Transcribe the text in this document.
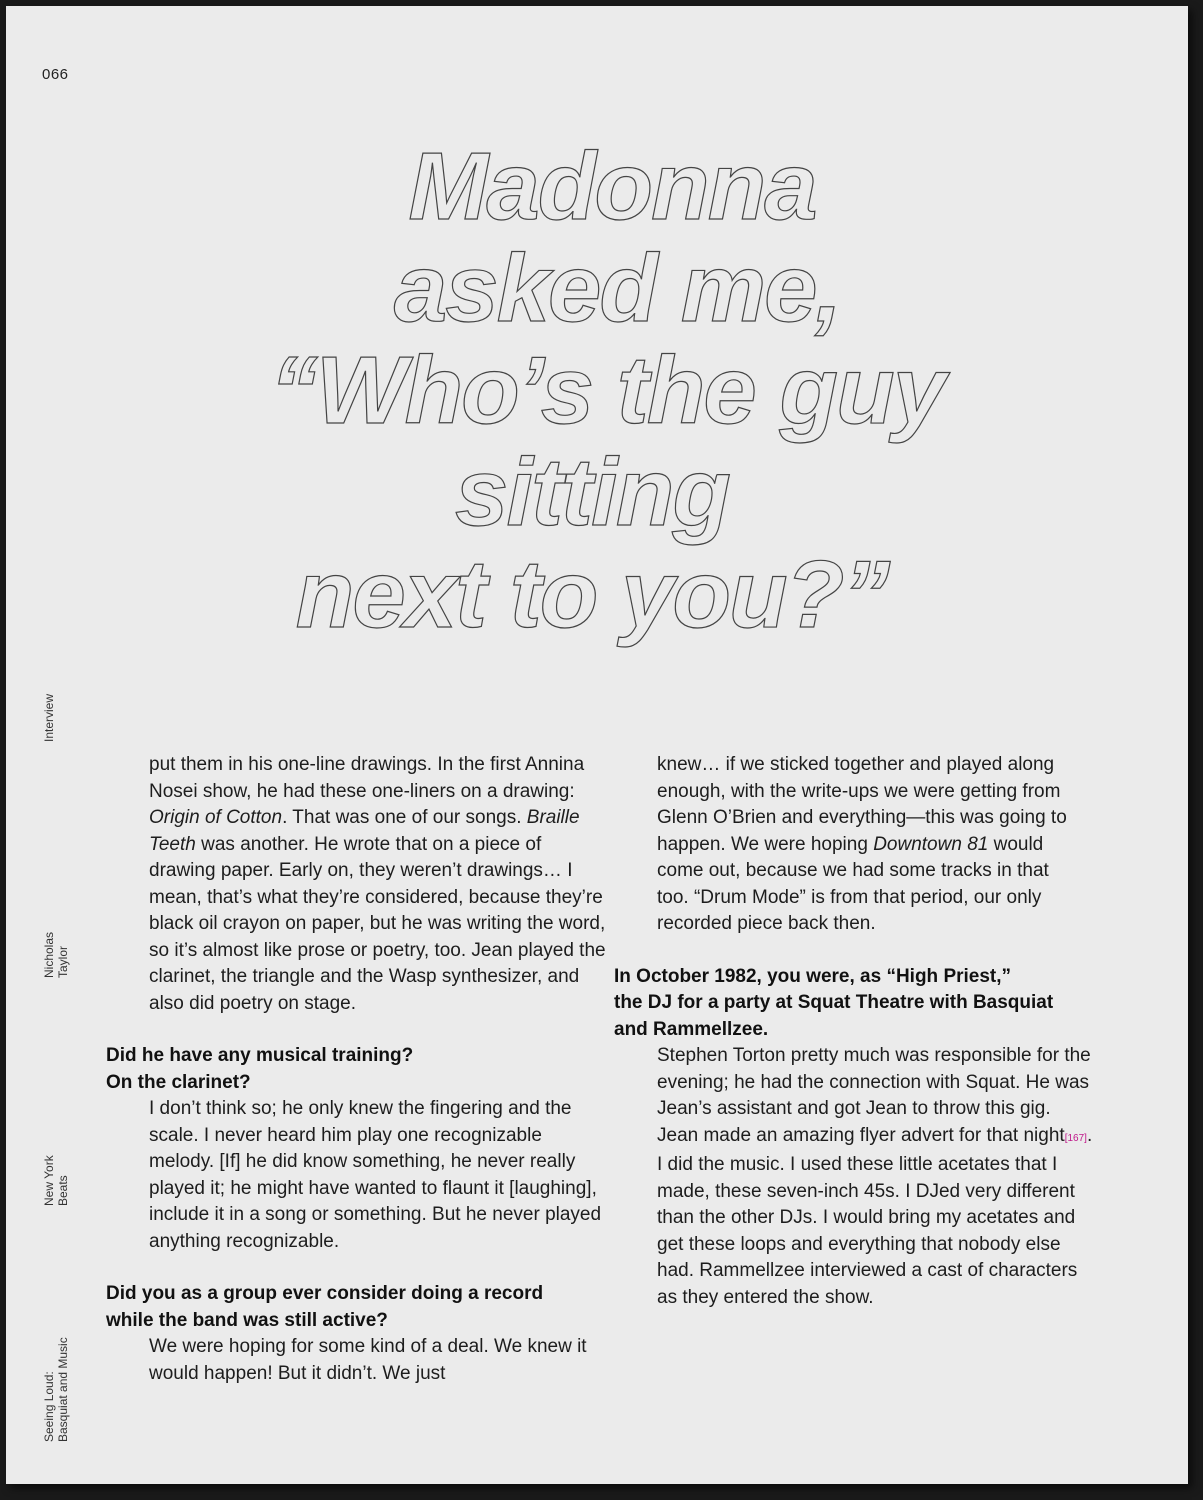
066
Madonna
asked me,
“Who’s the guy
sitting
next to you?”
Interview
Nicholas Taylor
New York Beats
Seeing Loud: Basquiat and Music

put them in his one-line drawings. In the first Annina Nosei show, he had these one-liners on a drawing: Origin of Cotton. That was one of our songs. Braille Teeth was another. He wrote that on a piece of drawing paper. Early on, they weren’t drawings… I mean, that’s what they’re considered, because they’re black oil crayon on paper, but he was writing the word, so it’s almost like prose or poetry, too. Jean played the clarinet, the triangle and the Wasp synthesizer, and also did poetry on stage.

Did he have any musical training?
On the clarinet?

I don’t think so; he only knew the fingering and the scale. I never heard him play one recognizable melody. [If] he did know something, he never really played it; he might have wanted to flaunt it [laughing], include it in a song or something. But he never played anything recognizable.

Did you as a group ever consider doing a record
while the band was still active?

We were hoping for some kind of a deal. We knew it would happen! But it didn’t. We just

knew… if we sticked together and played along enough, with the write-ups we were getting from Glenn O’Brien and everything—this was going to happen. We were hoping Downtown 81 would come out, because we had some tracks in that too. “Drum Mode” is from that period, our only recorded piece back then.

In October 1982, you were, as “High Priest,”
the DJ for a party at Squat Theatre with Basquiat
and Rammellzee.

Stephen Torton pretty much was responsible for the evening; he had the connection with Squat. He was Jean’s assistant and got Jean to throw this gig. Jean made an amazing flyer advert for that night[167]. I did the music. I used these little acetates that I made, these seven-inch 45s. I DJed very different than the other DJs. I would bring my acetates and get these loops and everything that nobody else had. Rammellzee interviewed a cast of characters as they entered the show.
